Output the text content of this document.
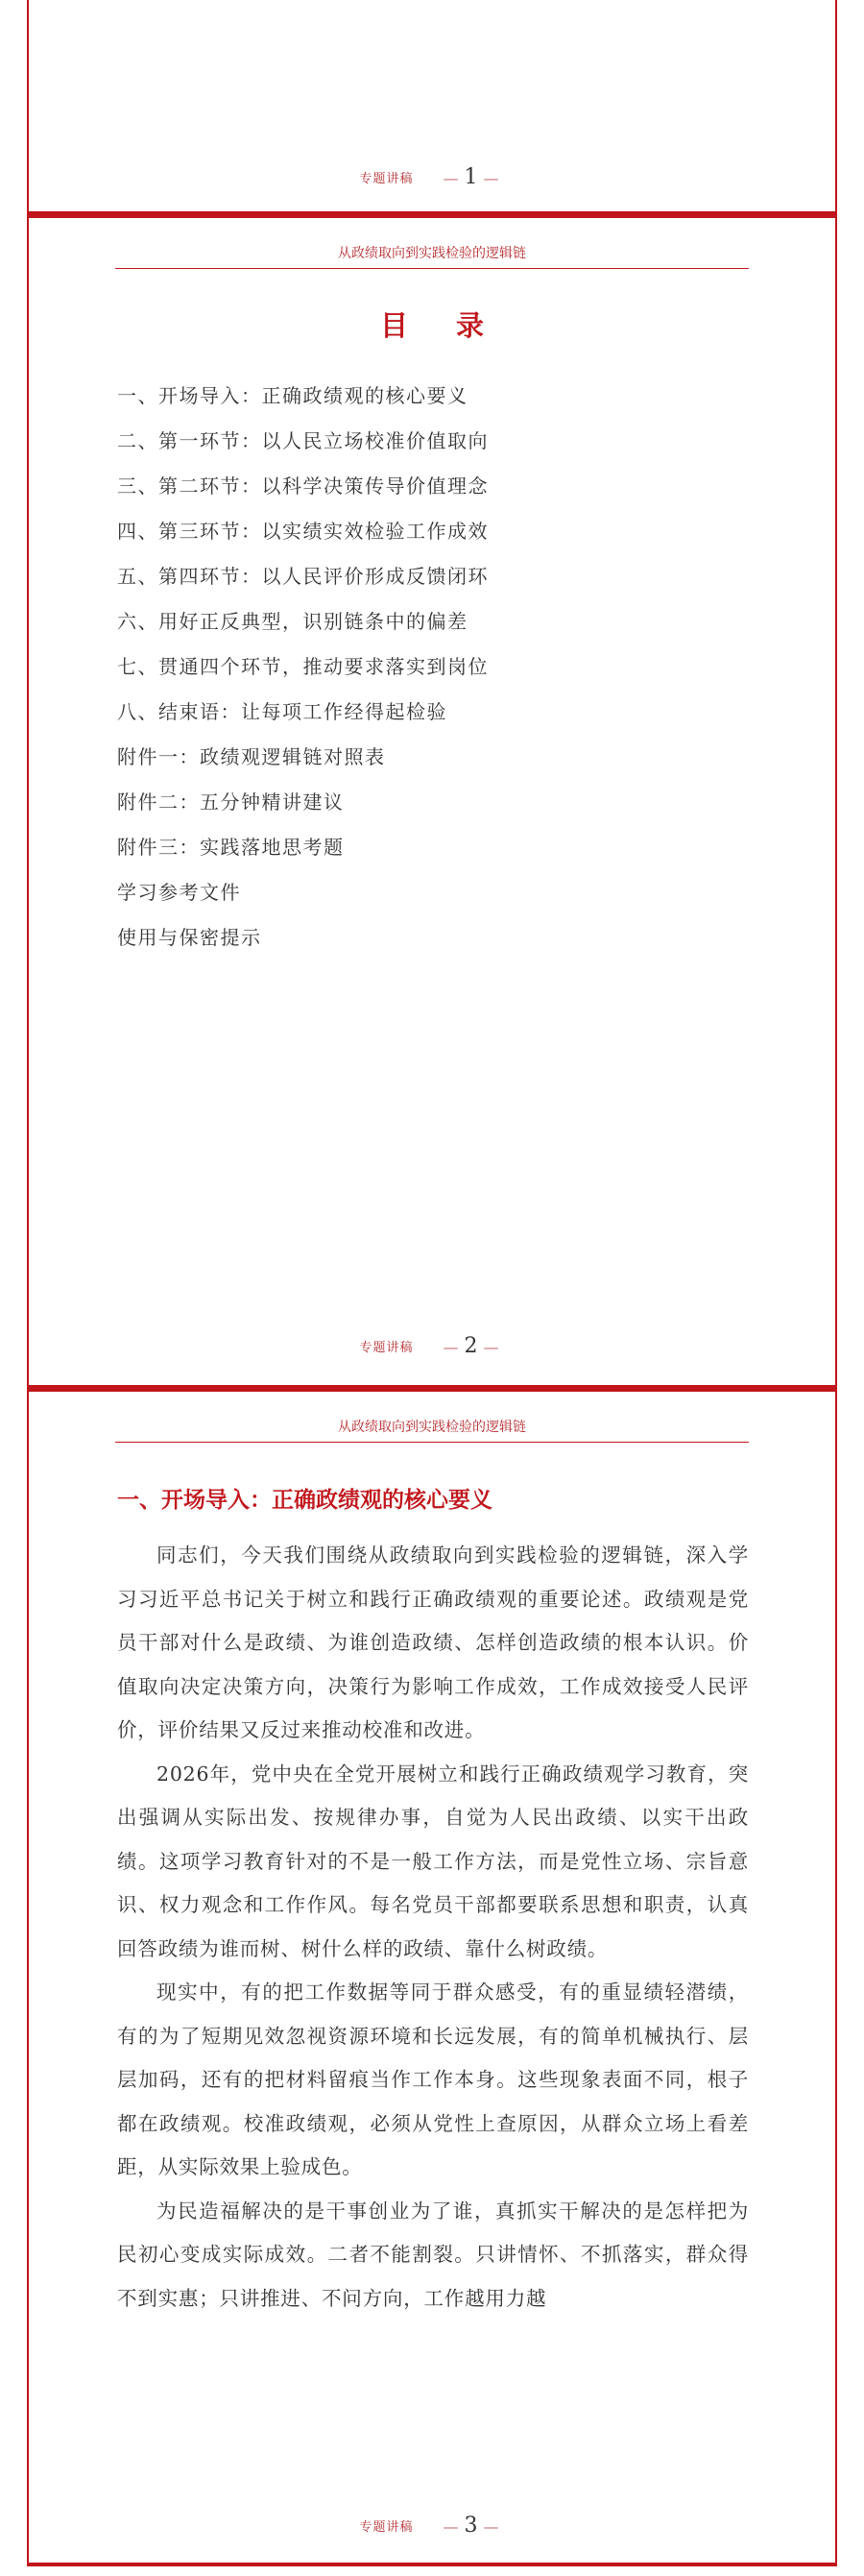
专题讲稿 — 1 —
从政绩取向到实践检验的逻辑链
目 录
一、开场导入：正确政绩观的核心要义
二、第一环节：以人民立场校准价值取向
三、第二环节：以科学决策传导价值理念
四、第三环节：以实绩实效检验工作成效
五、第四环节：以人民评价形成反馈闭环
六、用好正反典型，识别链条中的偏差
七、贯通四个环节，推动要求落实到岗位
八、结束语：让每项工作经得起检验
附件一：政绩观逻辑链对照表
附件二：五分钟精讲建议
附件三：实践落地思考题
学习参考文件
使用与保密提示
专题讲稿 — 2 —
从政绩取向到实践检验的逻辑链
一、开场导入：正确政绩观的核心要义

同志们，今天我们围绕从政绩取向到实践检验的逻辑链，深入学习习近平总书记关于树立和践行正确政绩观的重要论述。政绩观是党员干部对什么是政绩、为谁创造政绩、怎样创造政绩的根本认识。价值取向决定决策方向，决策行为影响工作成效，工作成效接受人民评价，评价结果又反过来推动校准和改进。

2026年，党中央在全党开展树立和践行正确政绩观学习教育，突出强调从实际出发、按规律办事，自觉为人民出政绩、以实干出政绩。这项学习教育针对的不是一般工作方法，而是党性立场、宗旨意识、权力观念和工作作风。每名党员干部都要联系思想和职责，认真回答政绩为谁而树、树什么样的政绩、靠什么树政绩。

现实中，有的把工作数据等同于群众感受，有的重显绩轻潜绩，有的为了短期见效忽视资源环境和长远发展，有的简单机械执行、层层加码，还有的把材料留痕当作工作本身。这些现象表面不同，根子都在政绩观。校准政绩观，必须从党性上查原因，从群众立场上看差距，从实际效果上验成色。

为民造福解决的是干事创业为了谁，真抓实干解决的是怎样把为民初心变成实际成效。二者不能割裂。只讲情怀、不抓落实，群众得不到实惠；只讲推进、不问方向，工作越用力越

专题讲稿 — 3 —
